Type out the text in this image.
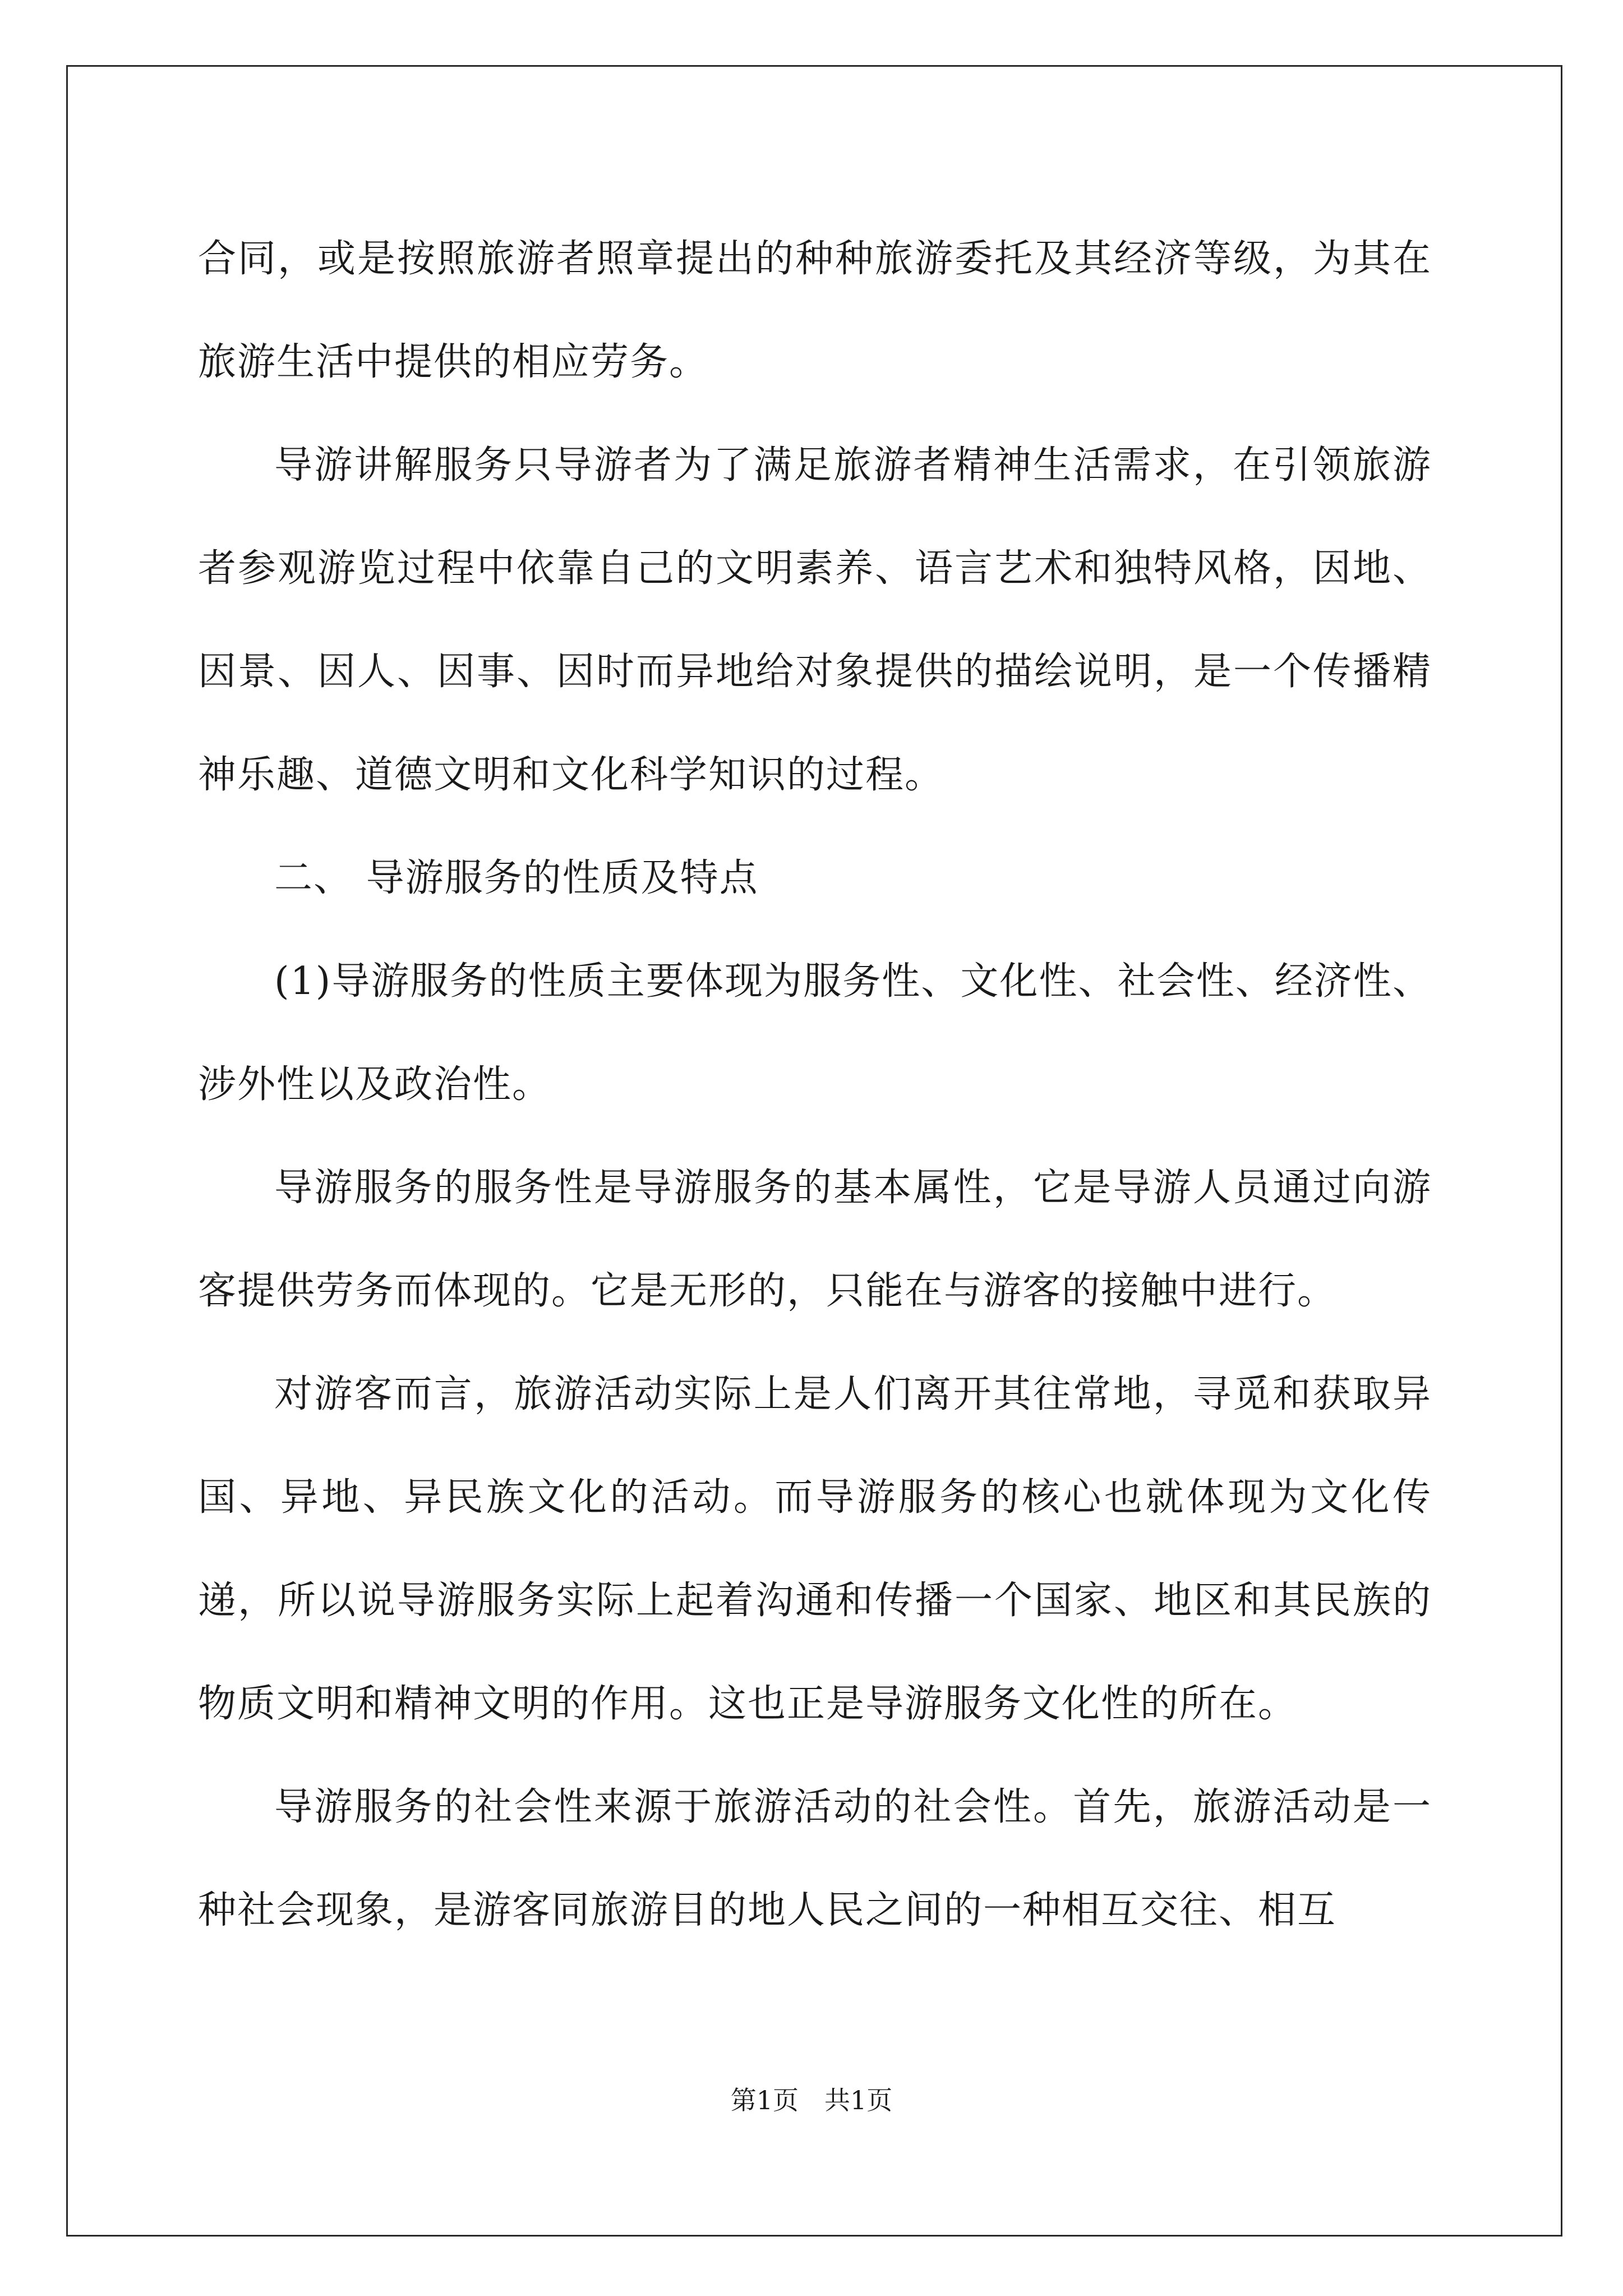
合同，或是按照旅游者照章提出的种种旅游委托及其经济等级，为其在旅游生活中提供的相应劳务。

导游讲解服务只导游者为了满足旅游者精神生活需求，在引领旅游者参观游览过程中依靠自己的文明素养、语言艺术和独特风格，因地、因景、因人、因事、因时而异地给对象提供的描绘说明，是一个传播精神乐趣、道德文明和文化科学知识的过程。

二、 导游服务的性质及特点

(1)导游服务的性质主要体现为服务性、文化性、社会性、经济性、涉外性以及政治性。

导游服务的服务性是导游服务的基本属性，它是导游人员通过向游客提供劳务而体现的。它是无形的，只能在与游客的接触中进行。

对游客而言，旅游活动实际上是人们离开其往常地，寻觅和获取异国、异地、异民族文化的活动。而导游服务的核心也就体现为文化传递，所以说导游服务实际上起着沟通和传播一个国家、地区和其民族的物质文明和精神文明的作用。这也正是导游服务文化性的所在。

导游服务的社会性来源于旅游活动的社会性。首先，旅游活动是一种社会现象，是游客同旅游目的地人民之间的一种相互交往、相互

第1页 共1页
